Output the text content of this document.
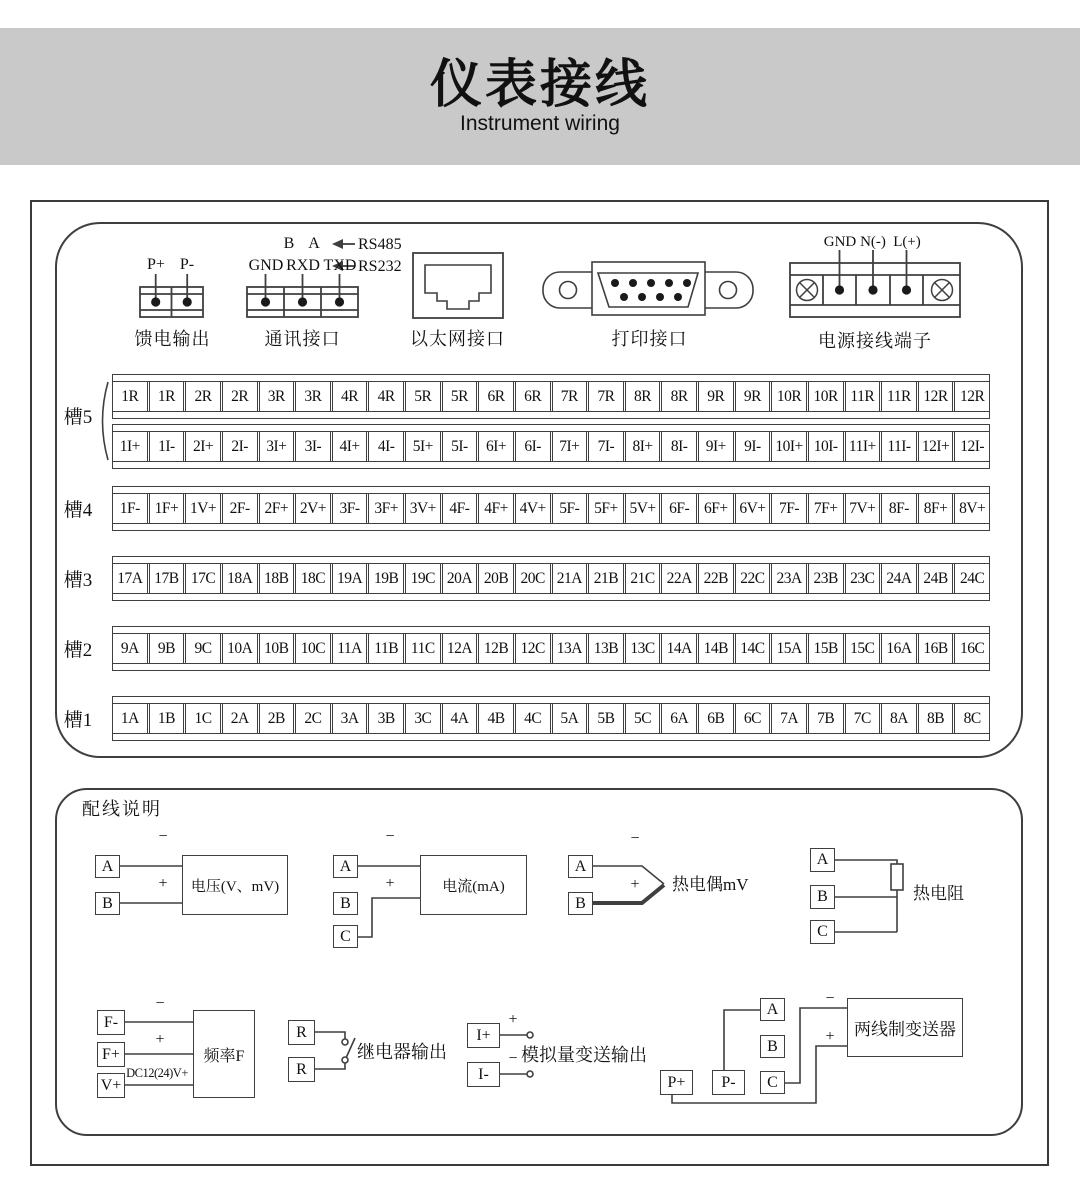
仪表接线
Instrument wiring
P+ P-
馈电输出
B A	RS485
GND RXD TXD RS232
通讯接口	以太网接口	打印接口
GND N(-) L(+)
电源接线端子
槽5
槽4
槽3
槽2
槽1
1R	1R	2R	2R	3R	3R	4R	4R	5R	5R	6R	6R	7R	7R	8R	8R	9R	9R	10R 10R 11R 11R 12R 12R
1I+	1I-	2I+	2I-	3I+	3I-	4I+	4I-	5I+	5I-	6I+	6I-	7I+	7I-	8I+	8I-	9I+	9I- 10I+ 10I- 11I+ 11I- 12I+ 12I-
1F- 1F+ 1V+ 2F- 2F+ 2V+ 3F- 3F+ 3V+ 4F- 4F+ 4V+ 5F- 5F+ 5V+ 6F- 6F+ 6V+ 7F- 7F+ 7V+ 8F- 8F+ 8V+
17A 17B 17C 18A 18B 18C 19A 19B 19C 20A 20B 20C 21A 21B 21C 22A 22B 22C 23A 23B 23C 24A 24B 24C
9A	9B	9C 10A 10B 10C 11A 11B 11C 12A 12B 12C 13A 13B 13C 14A 14B 14C 15A 15B 15C 16A 16B 16C
1A	1B	1C	2A	2B	2C	3A	3B	3C	4A	4B	4C	5A	5B	5C	6A	6B	6C	7A	7B	7C	8A	8B	8C
配线说明
A
B
−
+	电压(V、mV)
A
B
C
−
+	电流(mA)
A
B
−
+ 热电偶mV
A
B
C
热电阻
F-
F+
V+
−
+
DC12(24)V+
频率F
R
R
继电器输出
I+
I-
+
− 模拟量变送输出
A
B
C
P+	P-
−
+	两线制变送器
